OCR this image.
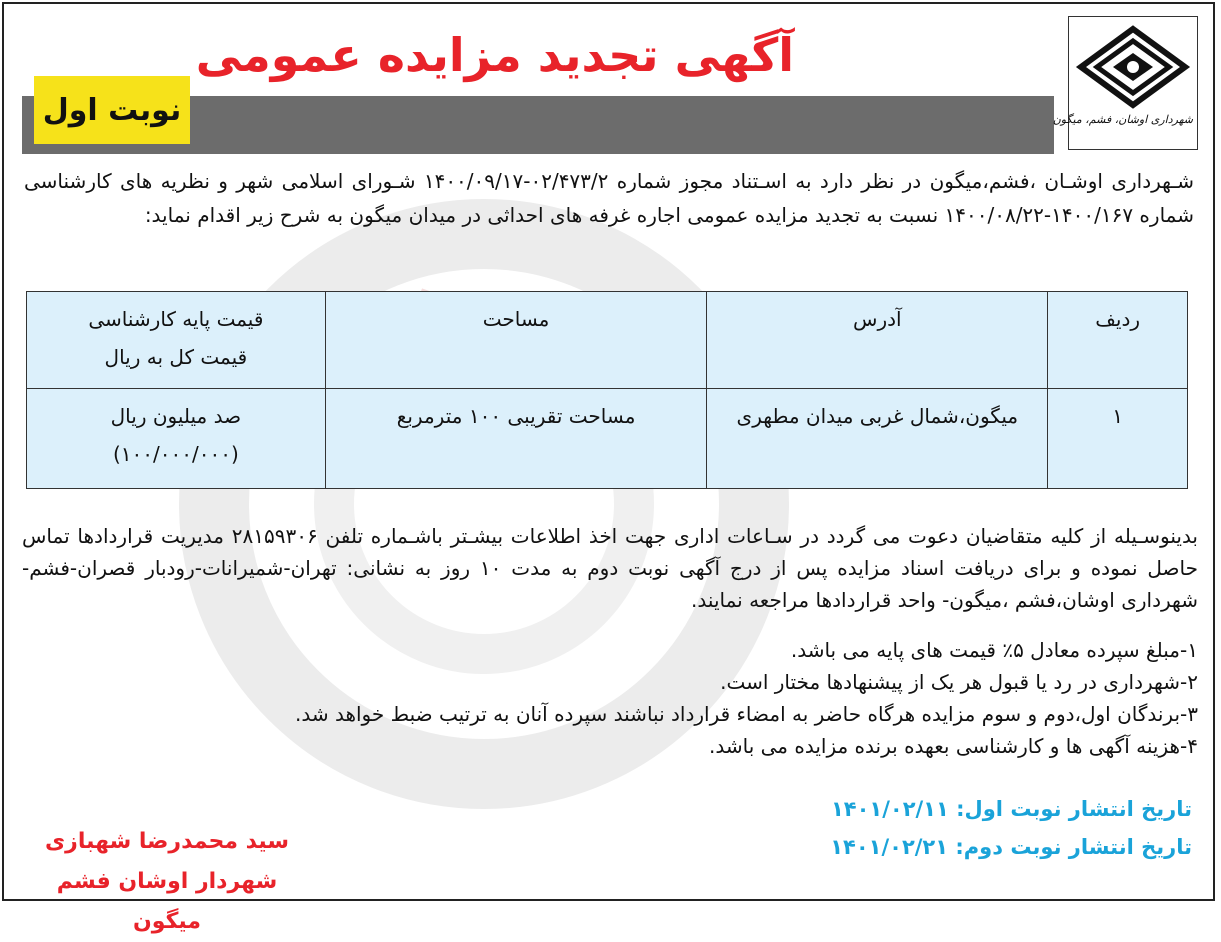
آگهی تجدید مزایده عمومی
نوبت اول	شهرداری اوشان، فشم، میگون
شـهرداری اوشـان ،فشم،میگون در نظر دارد به اسـتناد مجوز شماره ۰۲/۴۷۳/۲-۱۴۰۰/۰۹/۱۷ شـورای اسلامی شهر و نظریه های کارشناسی شماره ۱۴۰۰/۱۶۷-۱۴۰۰/۰۸/۲۲ نسبت به تجدید مزایده عمومی اجاره غرفه های احداثی در میدان میگون به شرح زیر اقدام نماید:
ردیف	آدرس	مساحت	قیمت پایه کارشناسی
قیمت کل به ریال

۱	میگون،شمال غربی میدان مطهری	مساحت تقریبی ۱۰۰ مترمربع	صد میلیون ریال
(۱۰۰/۰۰۰/۰۰۰)
بدینوسـیله از کلیه متقاضیان دعوت می گردد در سـاعات اداری جهت اخذ اطلاعات بیشـتر باشـماره تلفن ۲۸۱۵۹۳۰۶ مدیریت قراردادها تماس حاصل نموده و برای دریافت اسناد مزایده پس از درج آگهی نوبت دوم به مدت ۱۰ روز به نشانی: تهران-شمیرانات-رودبار قصران-فشم-شهرداری اوشان،فشم ،میگون- واحد قراردادها مراجعه نمایند.
۱-مبلغ سپرده معادل ۵٪ قیمت های پایه می باشد.
۲-شهرداری در رد یا قبول هر یک از پیشنهادها مختار است.
۳-برندگان اول،دوم و سوم مزایده هرگاه حاضر به امضاء قرارداد نباشند سپرده آنان به ترتیب ضبط خواهد شد.
۴-هزینه آگهی ها و کارشناسی بعهده برنده مزایده می باشد.
تاریخ انتشار نوبت اول: ۱۴۰۱/۰۲/۱۱
تاریخ انتشار نوبت دوم: ۱۴۰۱/۰۲/۲۱
سید محمدرضا شهبازی
شهردار اوشان فشم میگون
